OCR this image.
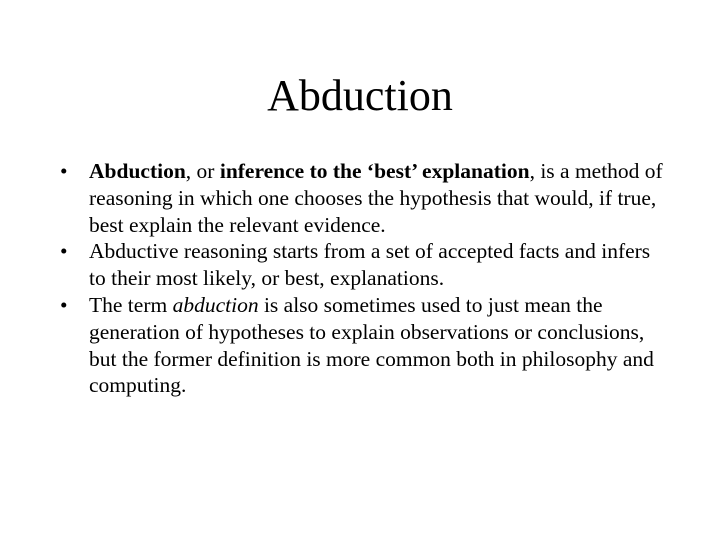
Abduction
• Abduction, or inference to the ‘best’ explanation, is a method of reasoning in which one chooses the hypothesis that would, if true, best explain the relevant evidence.
• Abductive reasoning starts from a set of accepted facts and infers to their most likely, or best, explanations.
• The term abduction is also sometimes used to just mean the generation of hypotheses to explain observations or conclusions, but the former definition is more common both in philosophy and computing.
